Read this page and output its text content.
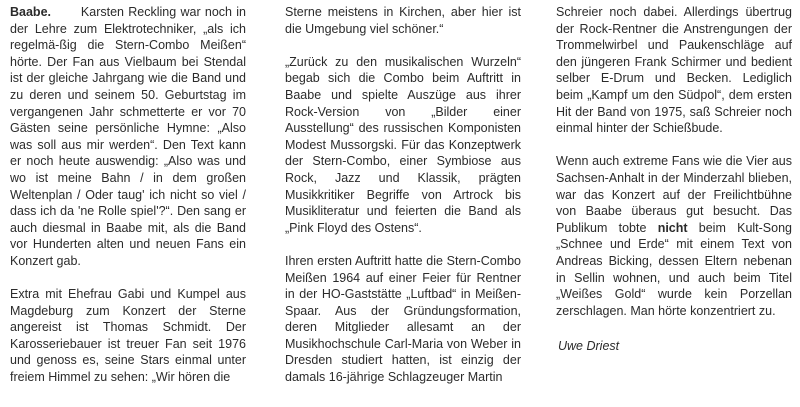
Baabe. Karsten Reckling war noch in der Lehre zum Elektrotechniker, „als ich regelmä-ßig die Stern-Combo Meißen“ hörte. Der Fan aus Vielbaum bei Stendal ist der gleiche Jahrgang wie die Band und zu deren und seinem 50. Geburtstag im vergangenen Jahr schmetterte er vor 70 Gästen seine persönliche Hymne: „Also was soll aus mir werden“. Den Text kann er noch heute auswendig: „Also was und wo ist meine Bahn / in dem großen Weltenplan / Oder taug' ich nicht so viel / dass ich da 'ne Rolle spiel'?“. Den sang er auch diesmal in Baabe mit, als die Band vor Hunderten alten und neuen Fans ein Konzert gab.

Extra mit Ehefrau Gabi und Kumpel aus Magdeburg zum Konzert der Sterne angereist ist Thomas Schmidt. Der Karosseriebauer ist treuer Fan seit 1976 und genoss es, seine Stars einmal unter freiem Himmel zu sehen: „Wir hören die

Sterne meistens in Kirchen, aber hier ist die Umgebung viel schöner.“

„Zurück zu den musikalischen Wurzeln“ begab sich die Combo beim Auftritt in Baabe und spielte Auszüge aus ihrer Rock-Version von „Bilder einer Ausstellung“ des russischen Komponisten Modest Mussorgski. Für das Konzeptwerk der Stern-Combo, einer Symbiose aus Rock, Jazz und Klassik, prägten Musikkritiker Begriffe von Artrock bis Musikliteratur und feierten die Band als „Pink Floyd des Ostens“.

Ihren ersten Auftritt hatte die Stern-Combo Meißen 1964 auf einer Feier für Rentner in der HO-Gaststätte „Luftbad“ in Meißen-Spaar. Aus der Gründungsformation, deren Mitglieder allesamt an der Musikhochschule Carl-Maria von Weber in Dresden studiert hatten, ist einzig der damals 16-jährige Schlagzeuger Martin

Schreier noch dabei. Allerdings übertrug der Rock-Rentner die Anstrengungen der Trommelwirbel und Paukenschläge auf den jüngeren Frank Schirmer und bedient selber E-Drum und Becken. Lediglich beim „Kampf um den Südpol“, dem ersten Hit der Band von 1975, saß Schreier noch einmal hinter der Schießbude.

Wenn auch extreme Fans wie die Vier aus Sachsen-Anhalt in der Minderzahl blieben, war das Konzert auf der Freilichtbühne von Baabe überaus gut besucht. Das Publikum tobte nicht beim Kult-Song „Schnee und Erde“ mit einem Text von Andreas Bicking, dessen Eltern nebenan in Sellin wohnen, und auch beim Titel „Weißes Gold“ wurde kein Porzellan zerschlagen. Man hörte konzentriert zu.

Uwe Driest
